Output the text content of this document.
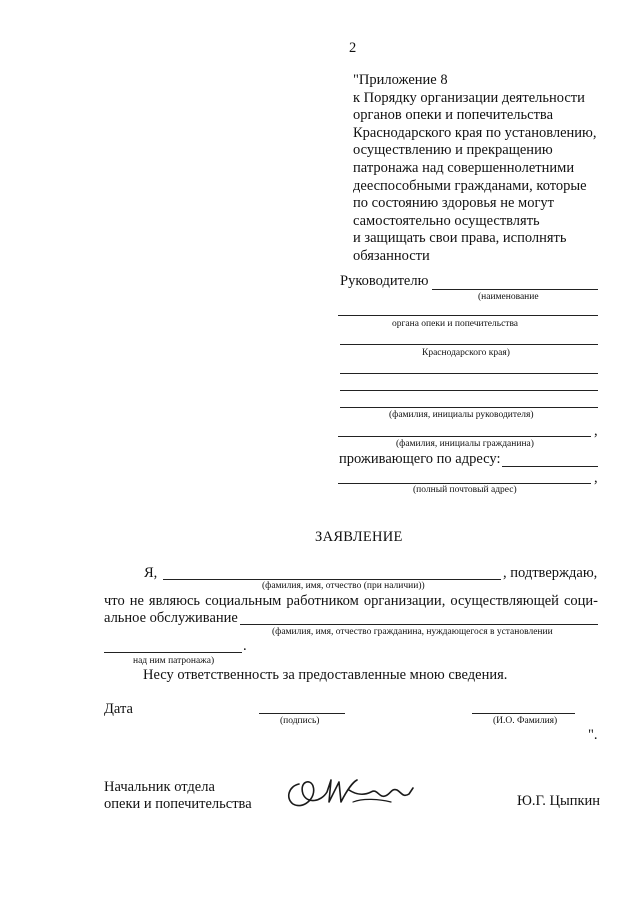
2
"Приложение 8
к Порядку организации деятельности
органов опеки и попечительства
Краснодарского края по установлению,
осуществлению и прекращению
патронажа над совершеннолетними
дееспособными гражданами, которые
по состоянию здоровья не могут
самостоятельно осуществлять
и защищать свои права, исполнять
обязанности
Руководителю
(наименование
органа опеки и попечительства
Краснодарского края)
(фамилия, инициалы руководителя)
,
(фамилия, инициалы гражданина)
проживающего по адресу:
,
(полный почтовый адрес)
ЗАЯВЛЕНИЕ
Я,	, подтверждаю,
(фамилия, имя, отчество (при наличии))
что не являюсь социальным работником организации, осуществляющей соци-
альное обслуживание
(фамилия, имя, отчество гражданина, нуждающегося в установлении
.
над ним патронажа)
Несу ответственность за предоставленные мною сведения.
Дата
(подпись)	(И.О. Фамилия)
".
Начальник отдела
опеки и попечительства	Ю.Г. Цыпкин
